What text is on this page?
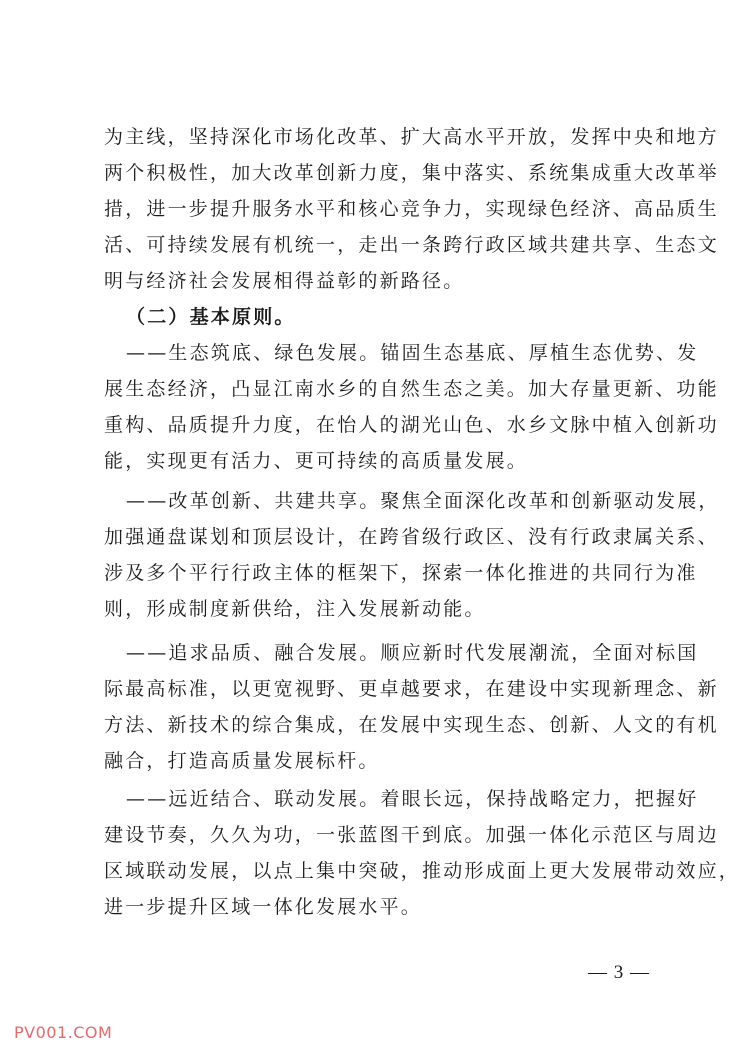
为主线，坚持深化市场化改革、扩大高水平开放，发挥中央和地方
两个积极性，加大改革创新力度，集中落实、系统集成重大改革举
措，进一步提升服务水平和核心竞争力，实现绿色经济、高品质生
活、可持续发展有机统一，走出一条跨行政区域共建共享、生态文
明与经济社会发展相得益彰的新路径。
（二）基本原则。
——生态筑底、绿色发展。锚固生态基底、厚植生态优势、发
展生态经济，凸显江南水乡的自然生态之美。加大存量更新、功能
重构、品质提升力度，在怡人的湖光山色、水乡文脉中植入创新功
能，实现更有活力、更可持续的高质量发展。
——改革创新、共建共享。聚焦全面深化改革和创新驱动发展，
加强通盘谋划和顶层设计，在跨省级行政区、没有行政隶属关系、
涉及多个平行行政主体的框架下，探索一体化推进的共同行为准
则，形成制度新供给，注入发展新动能。
——追求品质、融合发展。顺应新时代发展潮流，全面对标国
际最高标准，以更宽视野、更卓越要求，在建设中实现新理念、新
方法、新技术的综合集成，在发展中实现生态、创新、人文的有机
融合，打造高质量发展标杆。
——远近结合、联动发展。着眼长远，保持战略定力，把握好
建设节奏，久久为功，一张蓝图干到底。加强一体化示范区与周边
区域联动发展，以点上集中突破，推动形成面上更大发展带动效应，
进一步提升区域一体化发展水平。
— 3 —
PV001.COM
